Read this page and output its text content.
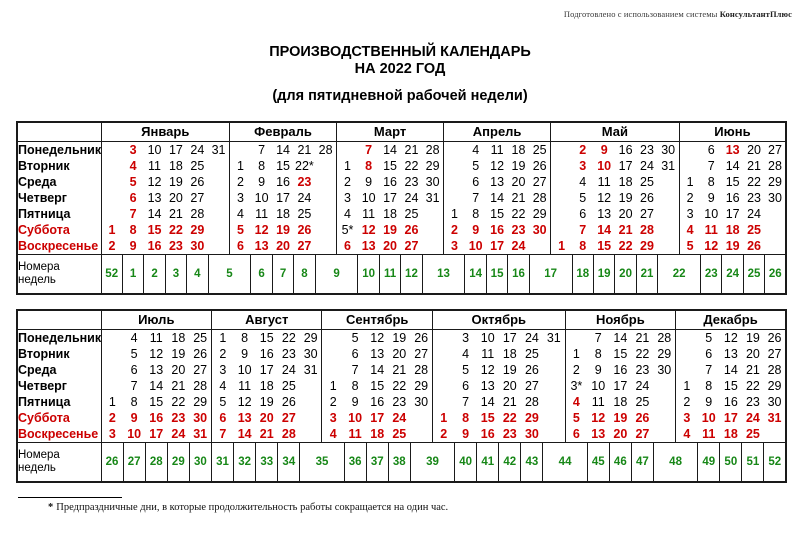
Подготовлено с использованием системы КонсультантПлюс
ПРОИЗВОДСТВЕННЫЙ КАЛЕНДАРЬ
НА 2022 ГОД
(для пятидневной рабочей недели)
	Январь						Февраль					Март					Апрель					Май						Июнь				
Понедельник		3	10	17	24	31		7	14	21	28		7	14	21	28		4	11	18	25		2	9	16	23	30		6	13	20	27
Вторник		4	11	18	25		1	8	15	22*		1	8	15	22	29		5	12	19	26		3	10	17	24	31		7	14	21	28
Среда		5	12	19	26		2	9	16	23		2	9	16	23	30		6	13	20	27		4	11	18	25		1	8	15	22	29
Четверг		6	13	20	27		3	10	17	24		3	10	17	24	31		7	14	21	28		5	12	19	26		2	9	16	23	30
Пятница		7	14	21	28		4	11	18	25		4	11	18	25		1	8	15	22	29		6	13	20	27		3	10	17	24	
Суббота	1	8	15	22	29		5	12	19	26		5*	12	19	26		2	9	16	23	30		7	14	21	28		4	11	18	25	
Воскресенье	2	9	16	23	30		6	13	20	27		6	13	20	27		3	10	17	24		1	8	15	22	29		5	12	19	26	
Номера недель	52	1	2	3	4	5		6	7	8	9		10	11	12	13		14	15	16	17		18	19	20	21	22		23	24	25	26
	Июль					Август					Сентябрь					Октябрь						Ноябрь					Декабрь				
Понедельник		4	11	18	25	1	8	15	22	29		5	12	19	26		3	10	17	24	31		7	14	21	28		5	12	19	26
Вторник		5	12	19	26	2	9	16	23	30		6	13	20	27		4	11	18	25		1	8	15	22	29		6	13	20	27
Среда		6	13	20	27	3	10	17	24	31		7	14	21	28		5	12	19	26		2	9	16	23	30		7	14	21	28
Четверг		7	14	21	28	4	11	18	25		1	8	15	22	29		6	13	20	27		3*	10	17	24		1	8	15	22	29
Пятница	1	8	15	22	29	5	12	19	26		2	9	16	23	30		7	14	21	28		4	11	18	25		2	9	16	23	30
Суббота	2	9	16	23	30	6	13	20	27		3	10	17	24		1	8	15	22	29		5	12	19	26		3	10	17	24	31
Воскресенье	3	10	17	24	31	7	14	21	28		4	11	18	25		2	9	16	23	30		6	13	20	27		4	11	18	25	
Номера недель	26	27	28	29	30	31	32	33	34	35		36	37	38	39		40	41	42	43	44		45	46	47	48		49	50	51	52
* Предпраздничные дни, в которые продолжительность работы сокращается на один час.
